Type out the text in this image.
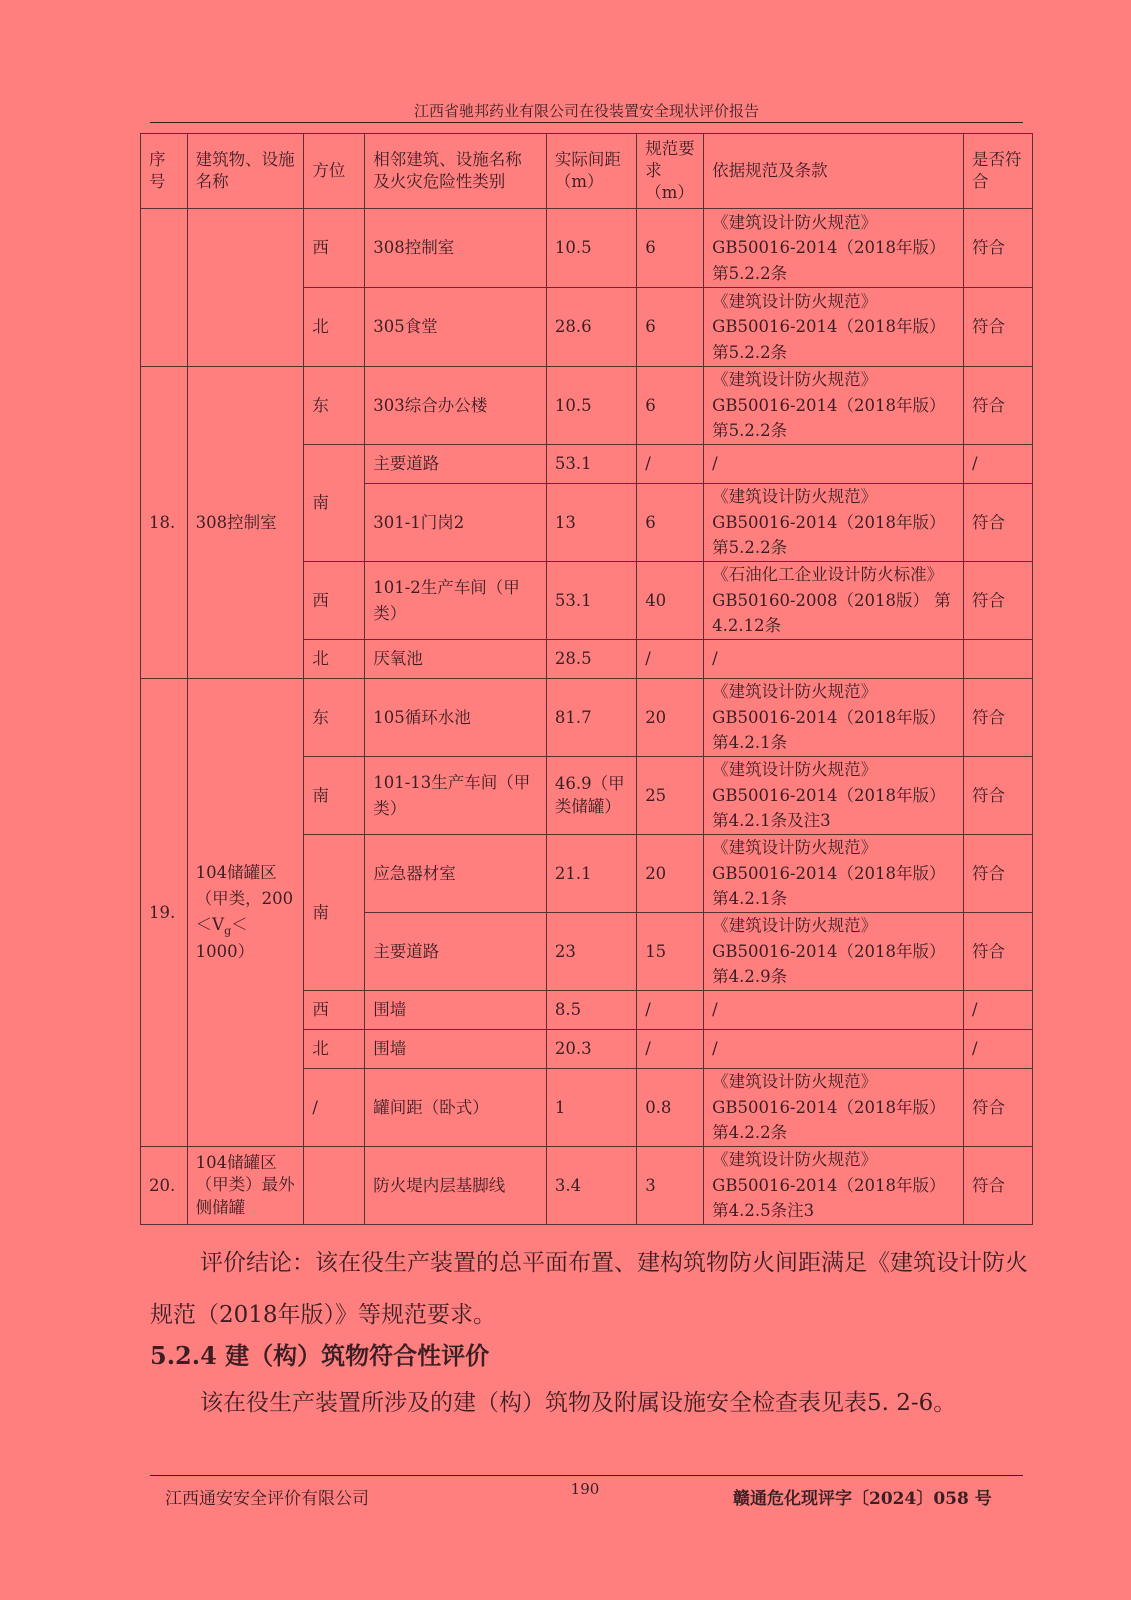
江西省驰邦药业有限公司在役装置安全现状评价报告
序号	建筑物、设施名称	方位	相邻建筑、设施名称及火灾危险性类别	实际间距（m）	规范要求（m）	依据规范及条款	是否符合
		西	308控制室	10.5	6	《建筑设计防火规范》GB50016-2014（2018年版）第5.2.2条	符合
		北	305食堂	28.6	6	《建筑设计防火规范》GB50016-2014（2018年版）第5.2.2条	符合
18.	308控制室	东	303综合办公楼	10.5	6	《建筑设计防火规范》GB50016-2014（2018年版）第5.2.2条	符合
		南	主要道路	53.1	/	/	/
			301-1门岗2	13	6	《建筑设计防火规范》GB50016-2014（2018年版）第5.2.2条	符合
		西	101-2生产车间（甲类）	53.1	40	《石油化工企业设计防火标准》GB50160-2008（2018版） 第4.2.12条	符合
		北	厌氧池	28.5	/	/	
19.	104储罐区（甲类，$200<V_g<1000$）	东	105循环水池	81.7	20	《建筑设计防火规范》GB50016-2014（2018年版）第4.2.1条	符合
		南	101-13生产车间（甲类）	46.9（甲类储罐）	25	《建筑设计防火规范》GB50016-2014（2018年版）第4.2.1条及注3	符合
		南	应急器材室	21.1	20	《建筑设计防火规范》GB50016-2014（2018年版）第4.2.1条	符合
			主要道路	23	15	《建筑设计防火规范》GB50016-2014（2018年版）第4.2.9条	符合
		西	围墙	8.5	/	/	/
		北	围墙	20.3	/	/	/
		/	罐间距（卧式）	1	0.8	《建筑设计防火规范》GB50016-2014（2018年版）第4.2.2条	符合
20.	104储罐区（甲类）最外侧储罐		防火堤内层基脚线	3.4	3	《建筑设计防火规范》GB50016-2014（2018年版）第4.2.5条注3	符合
评价结论：该在役生产装置的总平面布置、建构筑物防火间距满足《建筑设计防火规范（2018年版）》等规范要求。
5.2.4 建（构）筑物符合性评价
该在役生产装置所涉及的建（构）筑物及附属设施安全检查表见表5. 2-6。
江西通安安全评价有限公司	190	赣通危化现评字〔2024〕058 号
